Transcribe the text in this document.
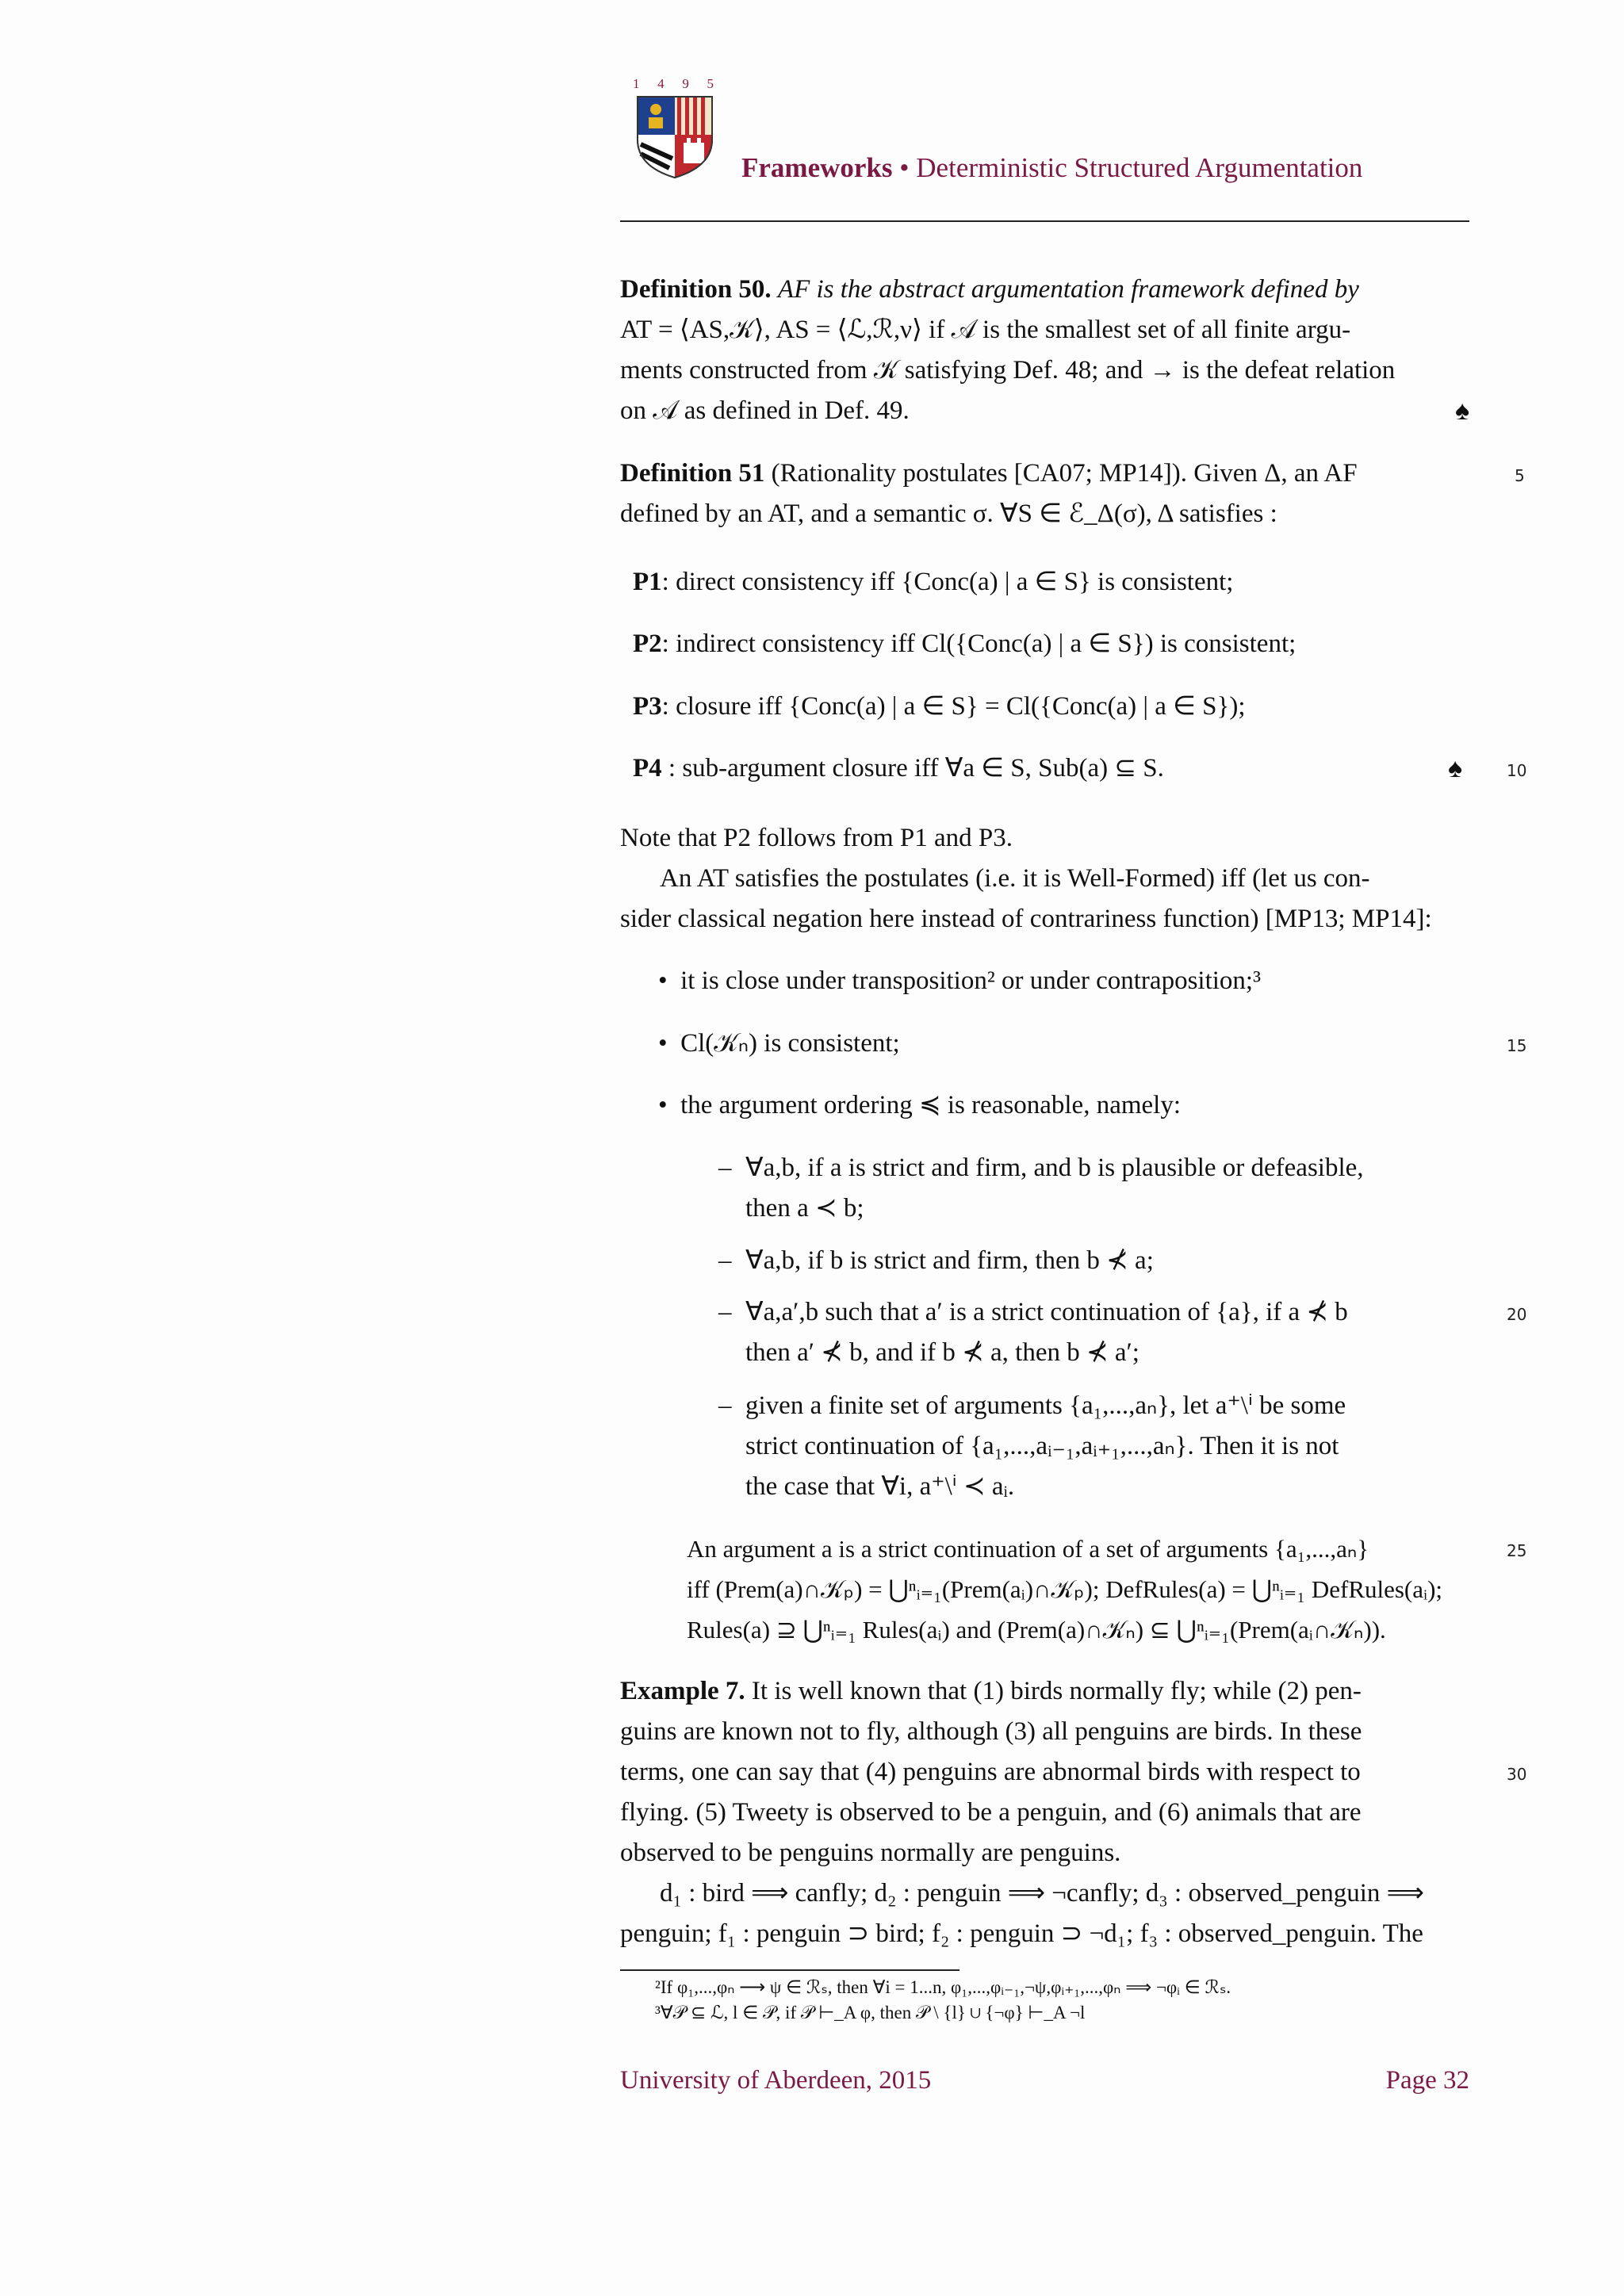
1 4 9 5
Frameworks • Deterministic Structured Argumentation
Definition 50. AF is the abstract argumentation framework defined by
AT = ⟨AS,𝒦⟩, AS = ⟨ℒ,ℛ,ν⟩ if 𝒜 is the smallest set of all finite argu-
ments constructed from 𝒦 satisfying Def. 48; and → is the defeat relation
on 𝒜 as defined in Def. 49.	♠
Definition 51 (Rationality postulates [CA07; MP14]). Given Δ, an AF
defined by an AT, and a semantic σ. ∀S ∈ ℰ_Δ(σ), Δ satisfies :
P1: direct consistency iff {Conc(a) | a ∈ S} is consistent;
P2: indirect consistency iff Cl({Conc(a) | a ∈ S}) is consistent;
P3: closure iff {Conc(a) | a ∈ S} = Cl({Conc(a) | a ∈ S});
P4 : sub-argument closure iff ∀a ∈ S, Sub(a) ⊆ S.	♠
Note that P2 follows from P1 and P3.
An AT satisfies the postulates (i.e. it is Well-Formed) iff (let us con-
sider classical negation here instead of contrariness function) [MP13; MP14]:
•  it is close under transposition² or under contraposition;³
•  Cl(𝒦ₙ) is consistent;
•  the argument ordering ≼ is reasonable, namely:
– ∀a,b, if a is strict and firm, and b is plausible or defeasible,
then a ≺ b;
– ∀a,b, if b is strict and firm, then b ⊀ a;
– ∀a,a′,b such that a′ is a strict continuation of {a}, if a ⊀ b
then a′ ⊀ b, and if b ⊀ a, then b ⊀ a′;
– given a finite set of arguments {a₁,...,aₙ}, let a⁺\ⁱ be some
strict continuation of {a₁,...,aᵢ₋₁,aᵢ₊₁,...,aₙ}. Then it is not
the case that ∀i, a⁺\ⁱ ≺ aᵢ.
An argument a is a strict continuation of a set of arguments {a₁,...,aₙ}
iff (Prem(a)∩𝒦ₚ) = ⋃ⁿᵢ₌₁(Prem(aᵢ)∩𝒦ₚ); DefRules(a) = ⋃ⁿᵢ₌₁ DefRules(aᵢ);
Rules(a) ⊇ ⋃ⁿᵢ₌₁ Rules(aᵢ) and (Prem(a)∩𝒦ₙ) ⊆ ⋃ⁿᵢ₌₁(Prem(aᵢ∩𝒦ₙ)).
Example 7. It is well known that (1) birds normally fly; while (2) pen-
guins are known not to fly, although (3) all penguins are birds. In these
terms, one can say that (4) penguins are abnormal birds with respect to
flying. (5) Tweety is observed to be a penguin, and (6) animals that are
observed to be penguins normally are penguins.
d₁ : bird ⟹ canfly; d₂ : penguin ⟹ ¬canfly; d₃ : observed_penguin ⟹
penguin; f₁ : penguin ⊃ bird; f₂ : penguin ⊃ ¬d₁; f₃ : observed_penguin. The
²If φ₁,...,φₙ ⟶ ψ ∈ ℛₛ, then ∀i = 1...n, φ₁,...,φᵢ₋₁,¬ψ,φᵢ₊₁,...,φₙ ⟹ ¬φᵢ ∈ ℛₛ.
³∀𝒫 ⊆ ℒ, l ∈ 𝒫, if 𝒫 ⊢_A φ, then 𝒫 \ {l} ∪ {¬φ} ⊢_A ¬l
5
10
15
20
25
30
University of Aberdeen, 2015	Page 32
